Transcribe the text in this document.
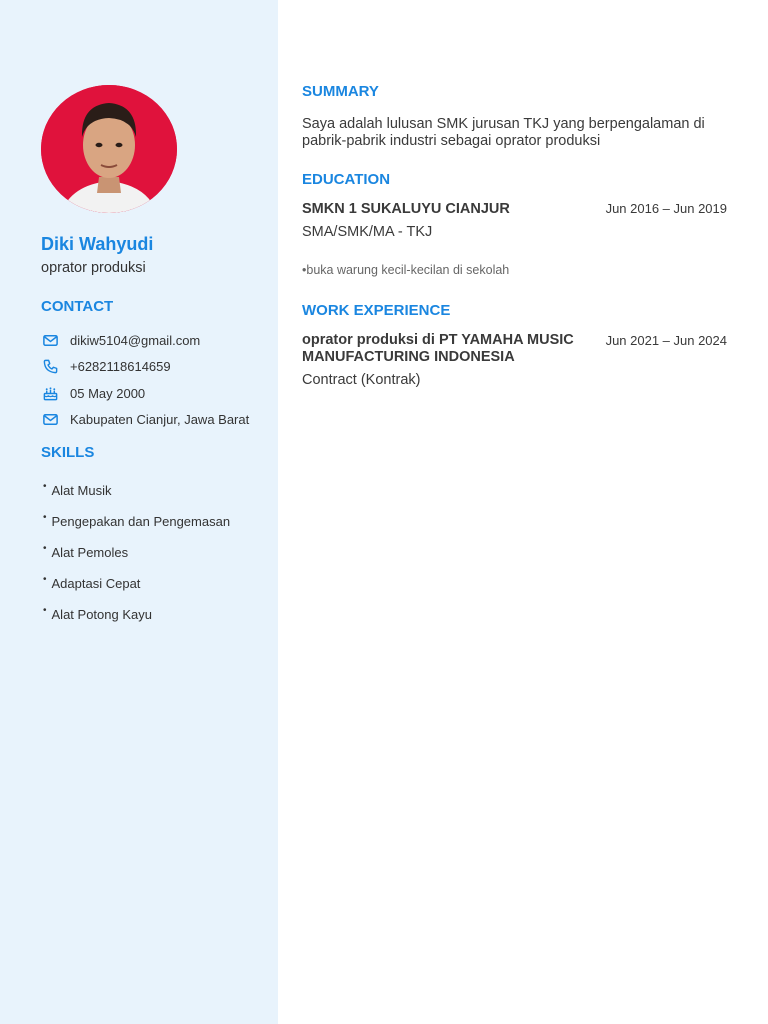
Diki Wahyudi
oprator produksi
CONTACT
dikiw5104@gmail.com
+6282118614659
05 May 2000
Kabupaten Cianjur, Jawa Barat
SKILLS
• Alat Musik
• Pengepakan dan Pengemasan
• Alat Pemoles
• Adaptasi Cepat
• Alat Potong Kayu
SUMMARY
Saya adalah lulusan SMK jurusan TKJ yang berpengalaman di pabrik-pabrik industri sebagai oprator produksi
EDUCATION
SMKN 1 SUKALUYU CIANJUR	Jun 2016 – Jun 2019
SMA/SMK/MA - TKJ
•buka warung kecil-kecilan di sekolah
WORK EXPERIENCE
oprator produksi di PT YAMAHA MUSIC
MANUFACTURING INDONESIA
Jun 2021 – Jun 2024
Contract (Kontrak)
